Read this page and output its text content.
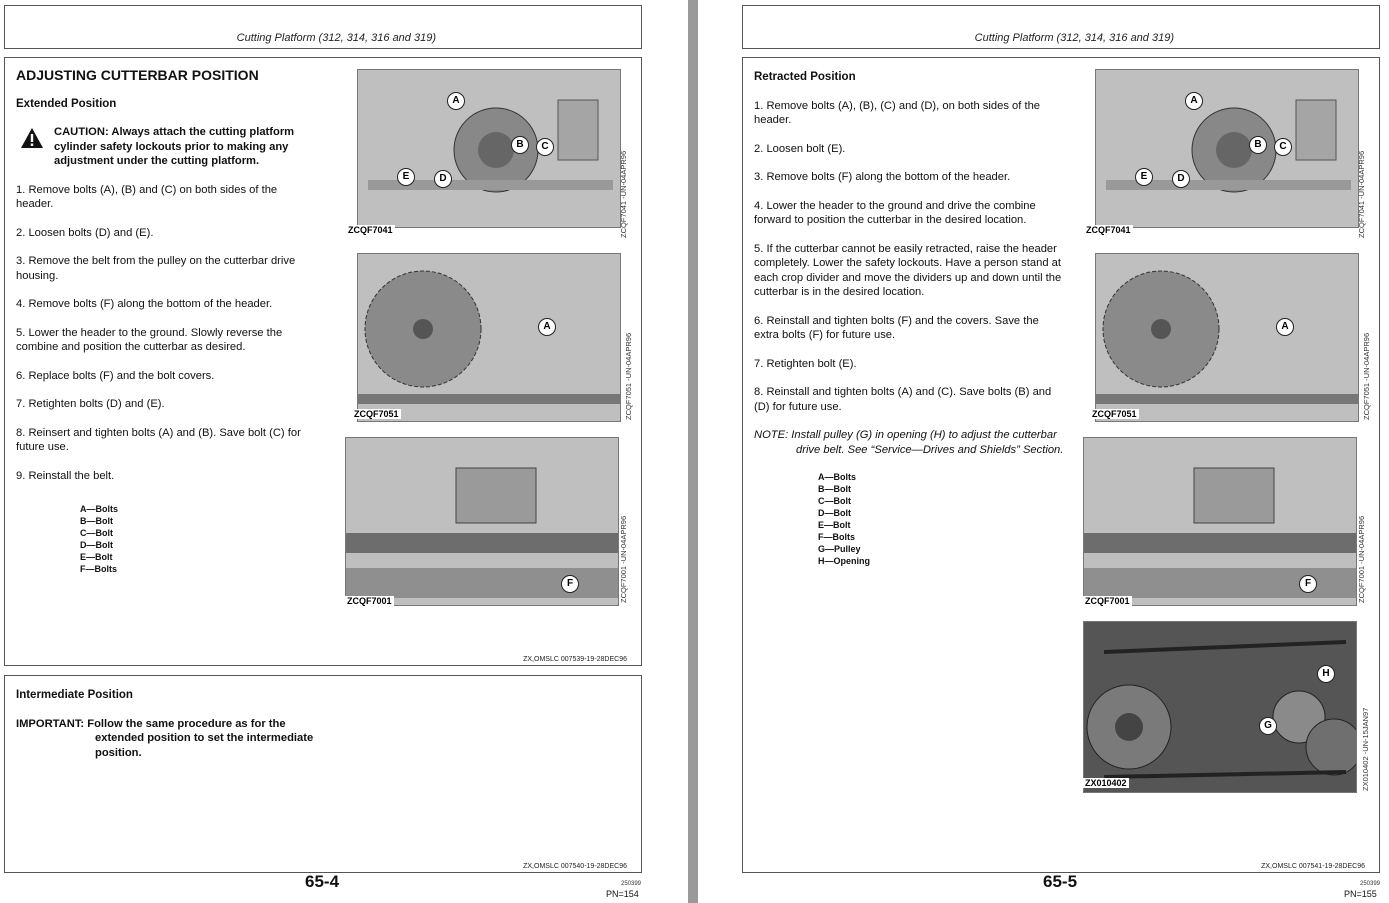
Cutting Platform (312, 314, 316 and 319)
ADJUSTING CUTTERBAR POSITION
Extended Position

CAUTION: Always attach the cutting platform cylinder safety lockouts prior to making any adjustment under the cutting platform.

1. Remove bolts (A), (B) and (C) on both sides of the header.
2. Loosen bolts (D) and (E).
3. Remove the belt from the pulley on the cutterbar drive housing.
4. Remove bolts (F) along the bottom of the header.
5. Lower the header to the ground. Slowly reverse the combine and position the cutterbar as desired.
6. Replace bolts (F) and the bolt covers.
7. Retighten bolts (D) and (E).
8. Reinsert and tighten bolts (A) and (B). Save bolt (C) for future use.
9. Reinstall the belt.
A—Bolts
B—Bolt
C—Bolt
D—Bolt
E—Bolt
F—Bolts
A
B	C
D
E
ZCQF7041	ZCQF7041 -UN-04APR96
A
ZCQF7051	ZCQF7051 -UN-04APR96
F
ZCQF7001	ZCQF7001 -UN-04APR96
ZX,OMSLC 007539-19-28DEC96
Intermediate Position

IMPORTANT: Follow the same procedure as for the extended position to set the intermediate position.

ZX,OMSLC 007540-19-28DEC96
65-4	250399
PN=154
Cutting Platform (312, 314, 316 and 319)
Retracted Position
1. Remove bolts (A), (B), (C) and (D), on both sides of the header.
2. Loosen bolt (E).
3. Remove bolts (F) along the bottom of the header.
4. Lower the header to the ground and drive the combine forward to position the cutterbar in the desired location.
5. If the cutterbar cannot be easily retracted, raise the header completely. Lower the safety lockouts. Have a person stand at each crop divider and move the dividers up and down until the cutterbar is in the desired location.
6. Reinstall and tighten bolts (F) and the covers. Save the extra bolts (F) for future use.
7. Retighten bolt (E).
8. Reinstall and tighten bolts (A) and (C). Save bolts (B) and (D) for future use.
NOTE: Install pulley (G) in opening (H) to adjust the cutterbar drive belt. See “Service—Drives and Shields” Section.
A—Bolts
B—Bolt
C—Bolt
D—Bolt
E—Bolt
F—Bolts
G—Pulley
H—Opening
A
B	C
D
E
ZCQF7041	ZCQF7041 -UN-04APR96
A
ZCQF7051	ZCQF7051 -UN-04APR96
F
ZCQF7001	ZCQF7001 -UN-04APR96
H
G
ZX010402	ZX010402 -UN-15JAN97
ZX,OMSLC 007541-19-28DEC96
65-5	250399
PN=155
